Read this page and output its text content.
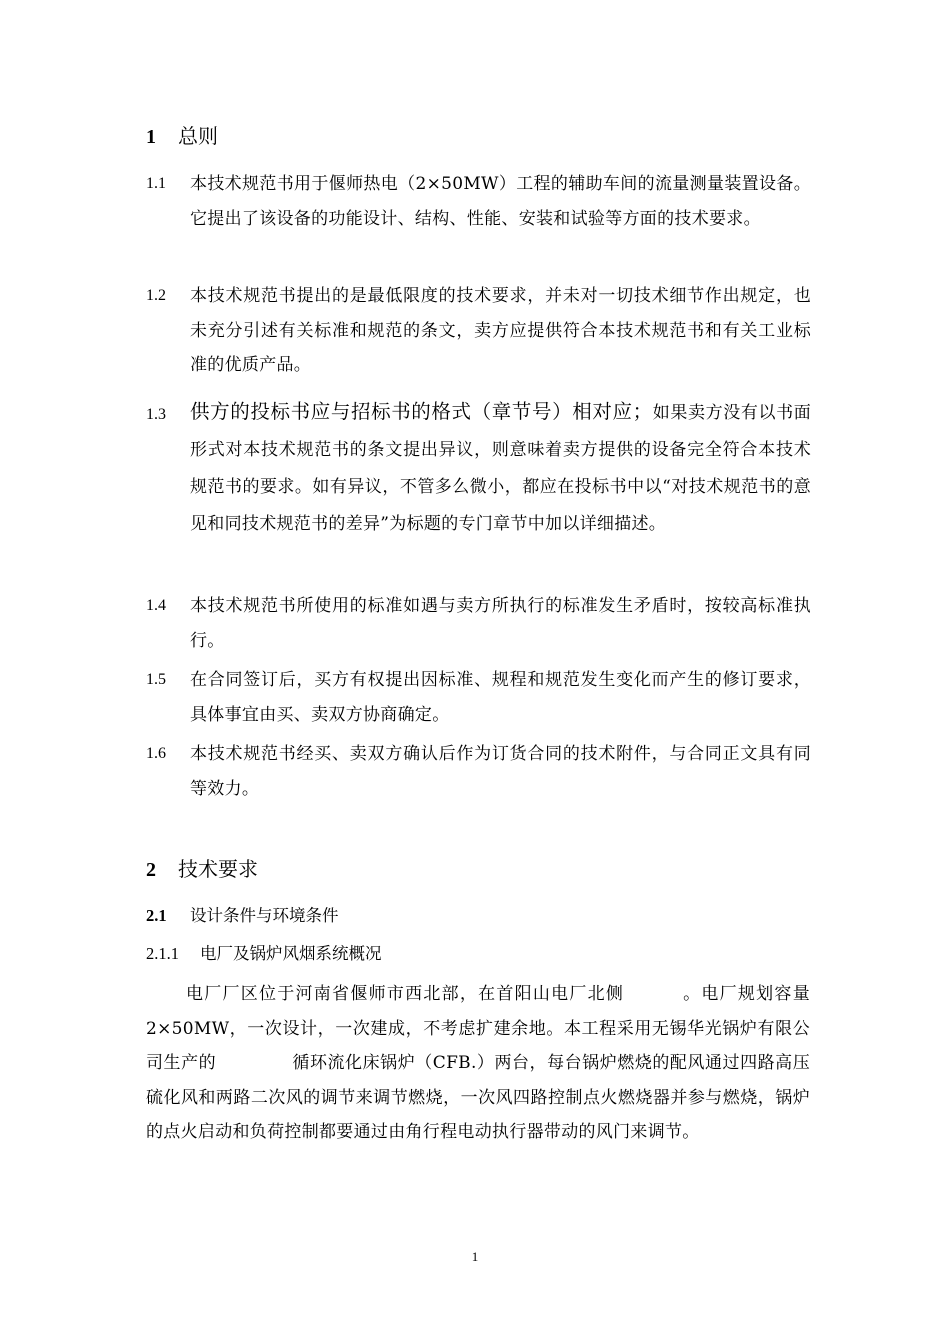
1 总则
1.1 本技术规范书用于偃师热电（2×50MW）工程的辅助车间的流量测量装置设备。它提出了该设备的功能设计、结构、性能、安装和试验等方面的技术要求。
1.2 本技术规范书提出的是最低限度的技术要求，并未对一切技术细节作出规定，也未充分引述有关标准和规范的条文，卖方应提供符合本技术规范书和有关工业标准的优质产品。
1.3 供方的投标书应与招标书的格式（章节号）相对应；如果卖方没有以书面形式对本技术规范书的条文提出异议，则意味着卖方提供的设备完全符合本技术规范书的要求。如有异议，不管多么微小，都应在投标书中以“对技术规范书的意见和同技术规范书的差异”为标题的专门章节中加以详细描述。
1.4 本技术规范书所使用的标准如遇与卖方所执行的标准发生矛盾时，按较高标准执行。
1.5 在合同签订后，买方有权提出因标准、规程和规范发生变化而产生的修订要求，具体事宜由买、卖双方协商确定。
1.6 本技术规范书经买、卖双方确认后作为订货合同的技术附件，与合同正文具有同等效力。
2 技术要求
2.1 设计条件与环境条件
2.1.1 电厂及锅炉风烟系统概况
电厂厂区位于河南省偃师市西北部，在首阳山电厂北侧	。电厂规划容量 2×50MW，一次设计，一次建成，不考虑扩建余地。本工程采用无锡华光锅炉有限公司生产的	循环流化床锅炉（CFB.）两台，每台锅炉燃烧的配风通过四路高压硫化风和两路二次风的调节来调节燃烧，一次风四路控制点火燃烧器并参与燃烧，锅炉的点火启动和负荷控制都要通过由角行程电动执行器带动的风门来调节。
1
